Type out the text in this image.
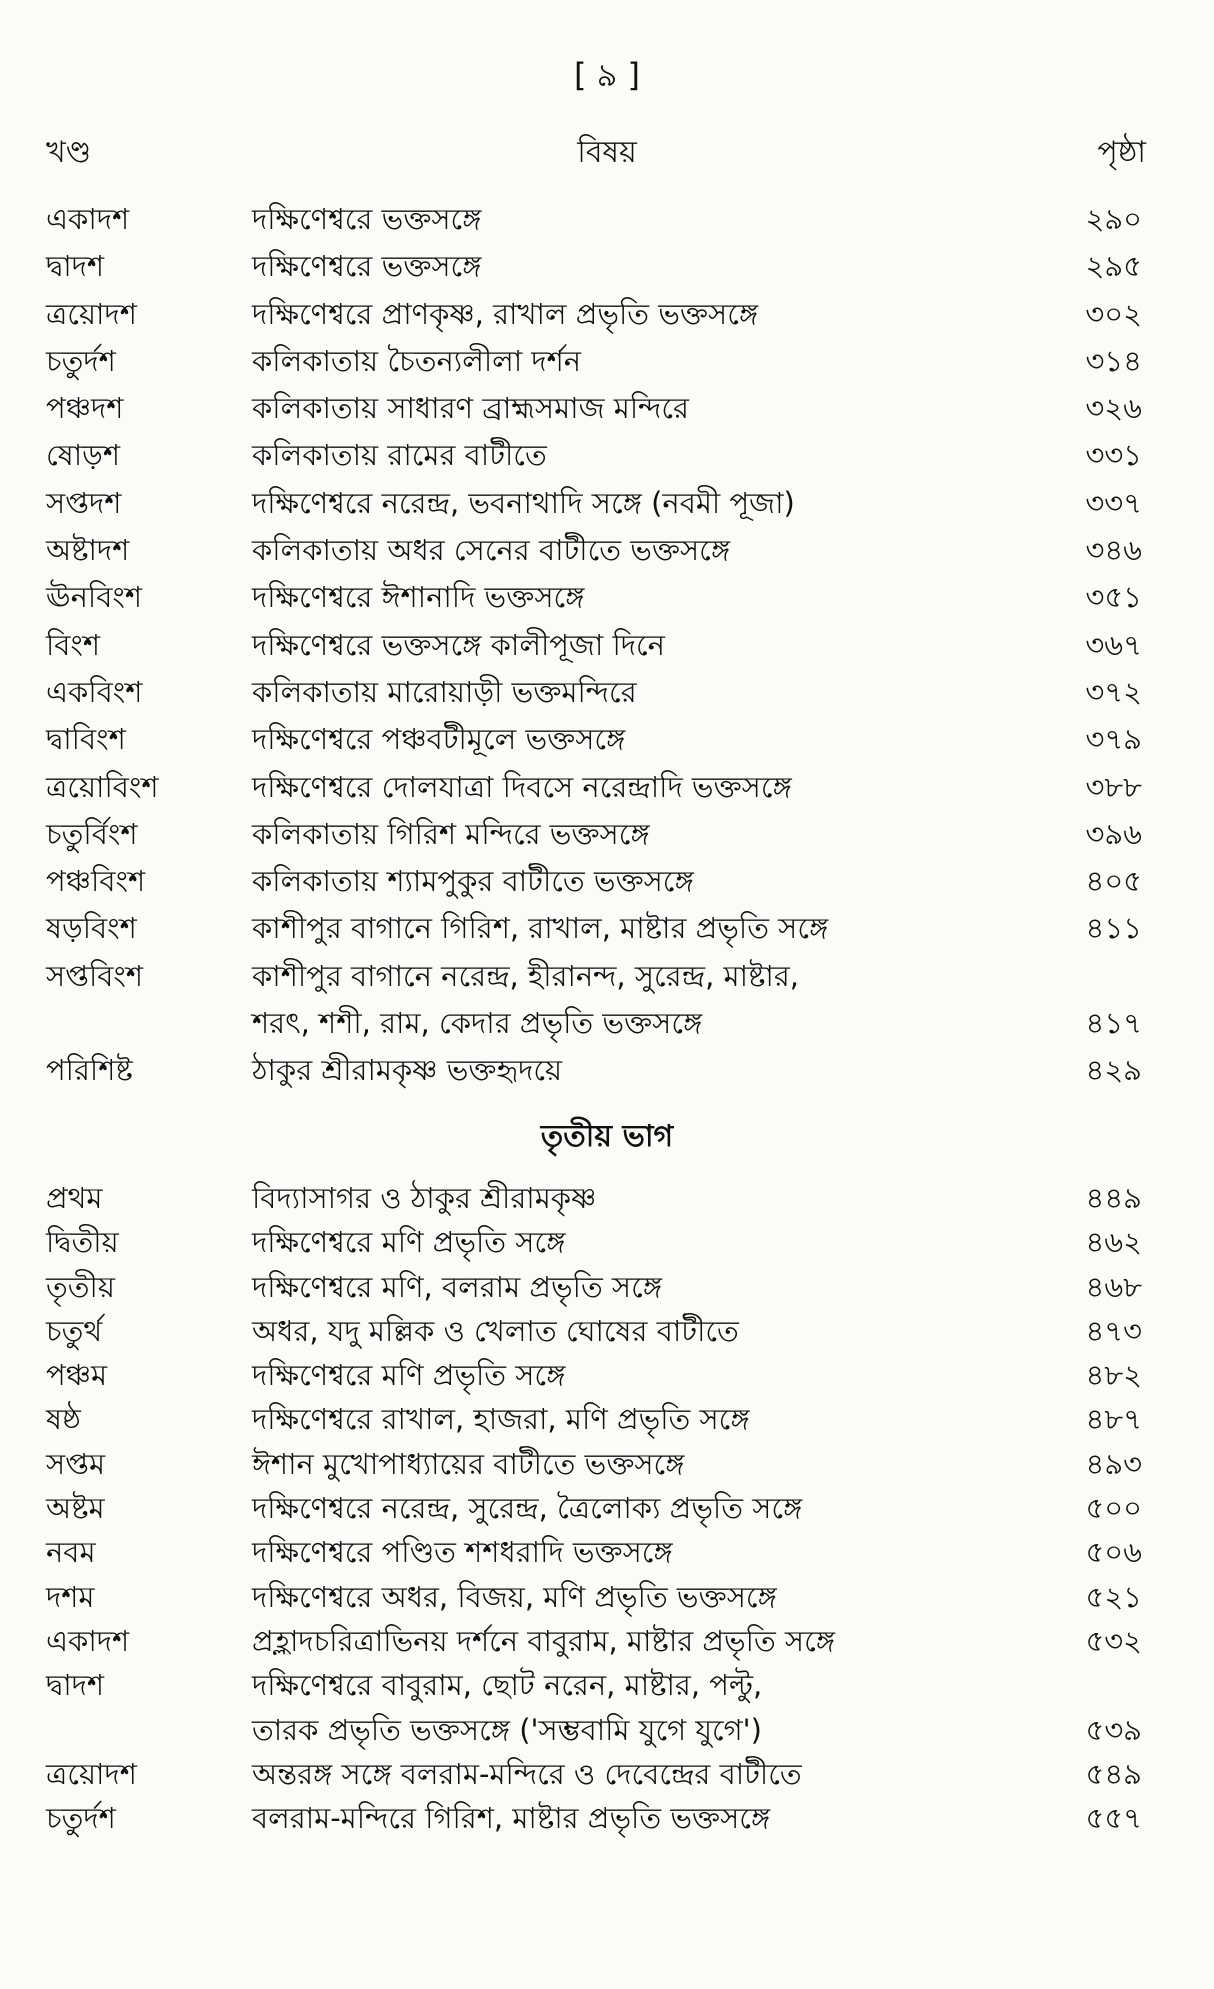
[ ৯ ]
খণ্ড	বিষয়	পৃষ্ঠা
একাদশ	দক্ষিণেশ্বরে ভক্তসঙ্গে	২৯০
দ্বাদশ	দক্ষিণেশ্বরে ভক্তসঙ্গে	২৯৫
ত্রয়োদশ	দক্ষিণেশ্বরে প্রাণকৃষ্ণ, রাখাল প্রভৃতি ভক্তসঙ্গে	৩০২
চতুর্দশ	কলিকাতায় চৈতন্যলীলা দর্শন	৩১৪
পঞ্চদশ	কলিকাতায় সাধারণ ব্রাহ্মসমাজ মন্দিরে	৩২৬
ষোড়শ	কলিকাতায় রামের বাটীতে	৩৩১
সপ্তদশ	দক্ষিণেশ্বরে নরেন্দ্র, ভবনাথাদি সঙ্গে (নবমী পূজা)	৩৩৭
অষ্টাদশ	কলিকাতায় অধর সেনের বাটীতে ভক্তসঙ্গে	৩৪৬
ঊনবিংশ	দক্ষিণেশ্বরে ঈশানাদি ভক্তসঙ্গে	৩৫১
বিংশ	দক্ষিণেশ্বরে ভক্তসঙ্গে কালীপূজা দিনে	৩৬৭
একবিংশ	কলিকাতায় মারোয়াড়ী ভক্তমন্দিরে	৩৭২
দ্বাবিংশ	দক্ষিণেশ্বরে পঞ্চবটীমূলে ভক্তসঙ্গে	৩৭৯
ত্রয়োবিংশ	দক্ষিণেশ্বরে দোলযাত্রা দিবসে নরেন্দ্রাদি ভক্তসঙ্গে	৩৮৮
চতুর্বিংশ	কলিকাতায় গিরিশ মন্দিরে ভক্তসঙ্গে	৩৯৬
পঞ্চবিংশ	কলিকাতায় শ্যামপুকুর বাটীতে ভক্তসঙ্গে	৪০৫
ষড়বিংশ	কাশীপুর বাগানে গিরিশ, রাখাল, মাষ্টার প্রভৃতি সঙ্গে	৪১১
সপ্তবিংশ	কাশীপুর বাগানে নরেন্দ্র, হীরানন্দ, সুরেন্দ্র, মাষ্টার,
শরৎ, শশী, রাম, কেদার প্রভৃতি ভক্তসঙ্গে	৪১৭
পরিশিষ্ট	ঠাকুর শ্রীরামকৃষ্ণ ভক্তহৃদয়ে	৪২৯
তৃতীয় ভাগ
প্রথম	বিদ্যাসাগর ও ঠাকুর শ্রীরামকৃষ্ণ	৪৪৯
দ্বিতীয়	দক্ষিণেশ্বরে মণি প্রভৃতি সঙ্গে	৪৬২
তৃতীয়	দক্ষিণেশ্বরে মণি, বলরাম প্রভৃতি সঙ্গে	৪৬৮
চতুর্থ	অধর, যদু মল্লিক ও খেলাত ঘোষের বাটীতে	৪৭৩
পঞ্চম	দক্ষিণেশ্বরে মণি প্রভৃতি সঙ্গে	৪৮২
ষষ্ঠ	দক্ষিণেশ্বরে রাখাল, হাজরা, মণি প্রভৃতি সঙ্গে	৪৮৭
সপ্তম	ঈশান মুখোপাধ্যায়ের বাটীতে ভক্তসঙ্গে	৪৯৩
অষ্টম	দক্ষিণেশ্বরে নরেন্দ্র, সুরেন্দ্র, ত্রৈলোক্য প্রভৃতি সঙ্গে	৫০০
নবম	দক্ষিণেশ্বরে পণ্ডিত শশধরাদি ভক্তসঙ্গে	৫০৬
দশম	দক্ষিণেশ্বরে অধর, বিজয়, মণি প্রভৃতি ভক্তসঙ্গে	৫২১
একাদশ	প্রহ্লাদচরিত্রাভিনয় দর্শনে বাবুরাম, মাষ্টার প্রভৃতি সঙ্গে	৫৩২
দ্বাদশ	দক্ষিণেশ্বরে বাবুরাম, ছোট নরেন, মাষ্টার, পল্টু,
তারক প্রভৃতি ভক্তসঙ্গে ('সম্ভবামি যুগে যুগে')	৫৩৯
ত্রয়োদশ	অন্তরঙ্গ সঙ্গে বলরাম-মন্দিরে ও দেবেন্দ্রের বাটীতে	৫৪৯
চতুর্দশ	বলরাম-মন্দিরে গিরিশ, মাষ্টার প্রভৃতি ভক্তসঙ্গে	৫৫৭
